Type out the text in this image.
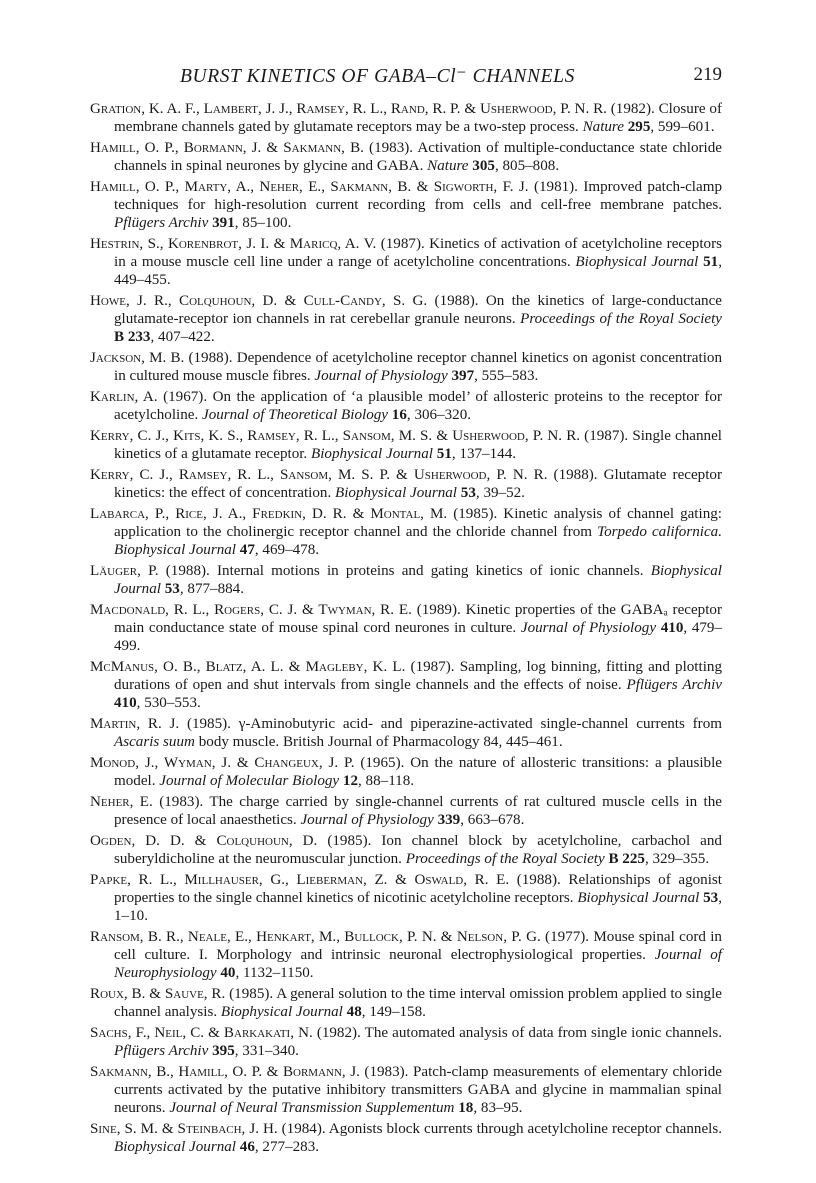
BURST KINETICS OF GABA–Cl⁻ CHANNELS	219

Gration, K. A. F., Lambert, J. J., Ramsey, R. L., Rand, R. P. & Usherwood, P. N. R. (1982). Closure of membrane channels gated by glutamate receptors may be a two-step process. Nature 295, 599–601.

Hamill, O. P., Bormann, J. & Sakmann, B. (1983). Activation of multiple-conductance state chloride channels in spinal neurones by glycine and GABA. Nature 305, 805–808.

Hamill, O. P., Marty, A., Neher, E., Sakmann, B. & Sigworth, F. J. (1981). Improved patch-clamp techniques for high-resolution current recording from cells and cell-free membrane patches. Pflügers Archiv 391, 85–100.

Hestrin, S., Korenbrot, J. I. & Maricq, A. V. (1987). Kinetics of activation of acetylcholine receptors in a mouse muscle cell line under a range of acetylcholine concentrations. Biophysical Journal 51, 449–455.

Howe, J. R., Colquhoun, D. & Cull-Candy, S. G. (1988). On the kinetics of large-conductance glutamate-receptor ion channels in rat cerebellar granule neurons. Proceedings of the Royal Society B 233, 407–422.

Jackson, M. B. (1988). Dependence of acetylcholine receptor channel kinetics on agonist concentration in cultured mouse muscle fibres. Journal of Physiology 397, 555–583.

Karlin, A. (1967). On the application of ‘a plausible model’ of allosteric proteins to the receptor for acetylcholine. Journal of Theoretical Biology 16, 306–320.

Kerry, C. J., Kits, K. S., Ramsey, R. L., Sansom, M. S. & Usherwood, P. N. R. (1987). Single channel kinetics of a glutamate receptor. Biophysical Journal 51, 137–144.

Kerry, C. J., Ramsey, R. L., Sansom, M. S. P. & Usherwood, P. N. R. (1988). Glutamate receptor kinetics: the effect of concentration. Biophysical Journal 53, 39–52.

Labarca, P., Rice, J. A., Fredkin, D. R. & Montal, M. (1985). Kinetic analysis of channel gating: application to the cholinergic receptor channel and the chloride channel from Torpedo californica. Biophysical Journal 47, 469–478.

Läuger, P. (1988). Internal motions in proteins and gating kinetics of ionic channels. Biophysical Journal 53, 877–884.

Macdonald, R. L., Rogers, C. J. & Twyman, R. E. (1989). Kinetic properties of the GABAₐ receptor main conductance state of mouse spinal cord neurones in culture. Journal of Physiology 410, 479–499.

McManus, O. B., Blatz, A. L. & Magleby, K. L. (1987). Sampling, log binning, fitting and plotting durations of open and shut intervals from single channels and the effects of noise. Pflügers Archiv 410, 530–553.

Martin, R. J. (1985). γ-Aminobutyric acid- and piperazine-activated single-channel currents from Ascaris suum body muscle. British Journal of Pharmacology 84, 445–461.

Monod, J., Wyman, J. & Changeux, J. P. (1965). On the nature of allosteric transitions: a plausible model. Journal of Molecular Biology 12, 88–118.

Neher, E. (1983). The charge carried by single-channel currents of rat cultured muscle cells in the presence of local anaesthetics. Journal of Physiology 339, 663–678.

Ogden, D. D. & Colquhoun, D. (1985). Ion channel block by acetylcholine, carbachol and suberyldicholine at the neuromuscular junction. Proceedings of the Royal Society B 225, 329–355.

Papke, R. L., Millhauser, G., Lieberman, Z. & Oswald, R. E. (1988). Relationships of agonist properties to the single channel kinetics of nicotinic acetylcholine receptors. Biophysical Journal 53, 1–10.

Ransom, B. R., Neale, E., Henkart, M., Bullock, P. N. & Nelson, P. G. (1977). Mouse spinal cord in cell culture. I. Morphology and intrinsic neuronal electrophysiological properties. Journal of Neurophysiology 40, 1132–1150.

Roux, B. & Sauve, R. (1985). A general solution to the time interval omission problem applied to single channel analysis. Biophysical Journal 48, 149–158.

Sachs, F., Neil, C. & Barkakati, N. (1982). The automated analysis of data from single ionic channels. Pflügers Archiv 395, 331–340.

Sakmann, B., Hamill, O. P. & Bormann, J. (1983). Patch-clamp measurements of elementary chloride currents activated by the putative inhibitory transmitters GABA and glycine in mammalian spinal neurons. Journal of Neural Transmission Supplementum 18, 83–95.

Sine, S. M. & Steinbach, J. H. (1984). Agonists block currents through acetylcholine receptor channels. Biophysical Journal 46, 277–283.
